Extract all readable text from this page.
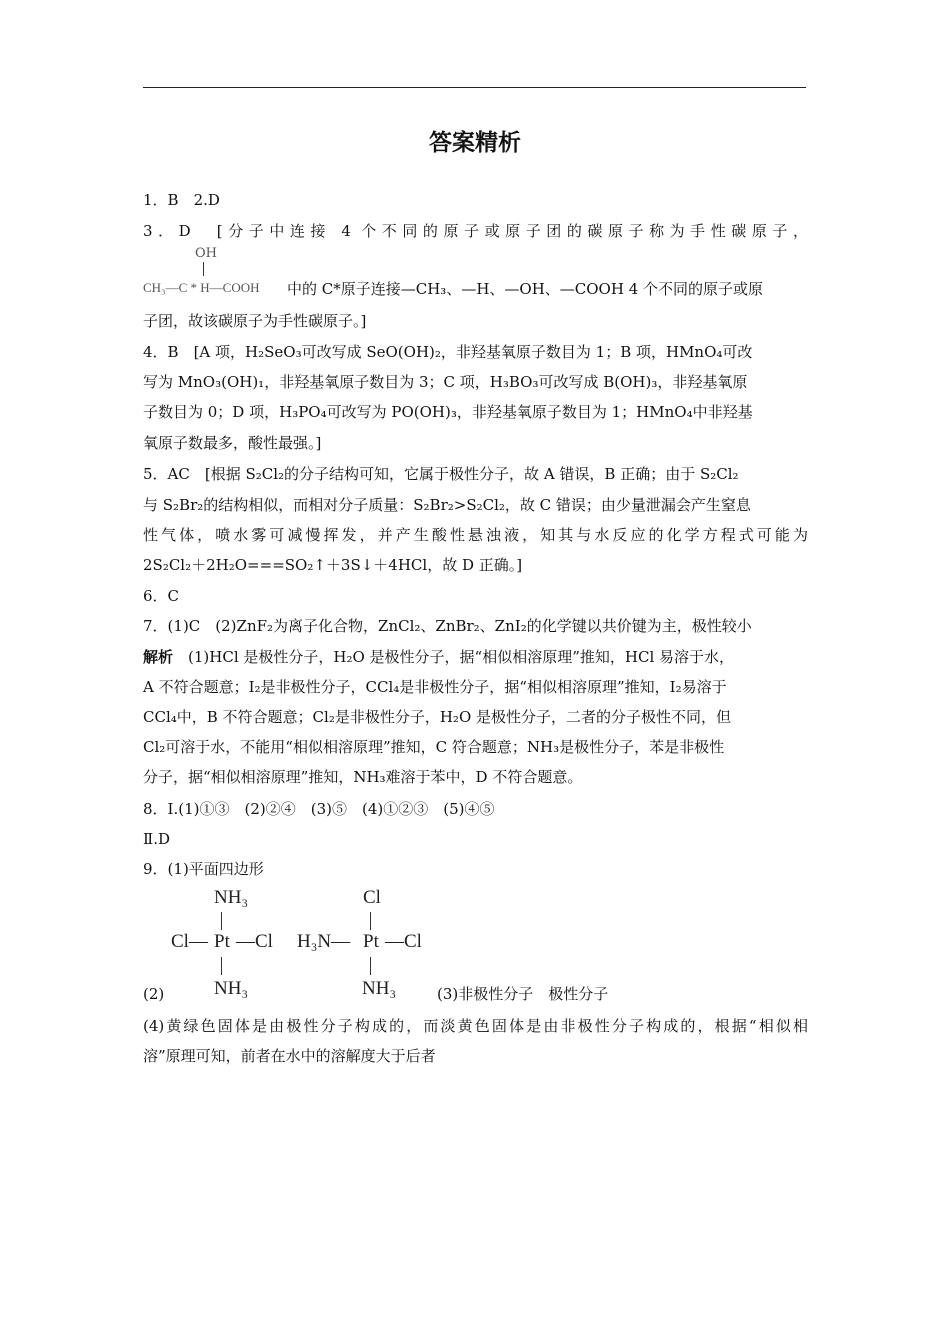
答案精析
1．B　2.D
3．D　[分子中连接 4 个不同的原子或原子团的碳原子称为手性碳原子，
OH
CH₃—C * H—COOH 中的 C*原子连接—CH₃、—H、—OH、—COOH 4 个不同的原子或原
子团，故该碳原子为手性碳原子。]
4．B　[A 项，H₂SeO₃可改写成 SeO(OH)₂，非羟基氧原子数目为 1；B 项，HMnO₄可改
写为 MnO₃(OH)₁，非羟基氧原子数目为 3；C 项，H₃BO₃可改写成 B(OH)₃，非羟基氧原
子数目为 0；D 项，H₃PO₄可改写为 PO(OH)₃，非羟基氧原子数目为 1；HMnO₄中非羟基
氧原子数最多，酸性最强。]
5．AC　[根据 S₂Cl₂的分子结构可知，它属于极性分子，故 A 错误，B 正确；由于 S₂Cl₂
与 S₂Br₂的结构相似，而相对分子质量：S₂Br₂>S₂Cl₂，故 C 错误；由少量泄漏会产生窒息
性气体，喷水雾可减慢挥发，并产生酸性悬浊液，知其与水反应的化学方程式可能为
2S₂Cl₂＋2H₂O===SO₂↑＋3S↓＋4HCl，故 D 正确。]
6．C
7．(1)C　(2)ZnF₂为离子化合物，ZnCl₂、ZnBr₂、ZnI₂的化学键以共价键为主，极性较小
解析　(1)HCl 是极性分子，H₂O 是极性分子，据“相似相溶原理”推知，HCl 易溶于水，
A 不符合题意；I₂是非极性分子，CCl₄是非极性分子，据“相似相溶原理”推知，I₂易溶于
CCl₄中，B 不符合题意；Cl₂是非极性分子，H₂O 是极性分子，二者的分子极性不同，但
Cl₂可溶于水，不能用“相似相溶原理”推知，C 符合题意；NH₃是极性分子，苯是非极性
分子，据“相似相溶原理”推知，NH₃难溶于苯中，D 不符合题意。
8．Ⅰ.(1)①③　(2)②④　(3)⑤　(4)①②③　(5)④⑤
Ⅱ.D
9．(1)平面四边形
NH₃
Cl— Pt —Cl
NH₃
Cl
H₃N— Pt —Cl
NH₃
(2)	(3)非极性分子　极性分子
(4)黄绿色固体是由极性分子构成的，而淡黄色固体是由非极性分子构成的，根据“相似相
溶”原理可知，前者在水中的溶解度大于后者
